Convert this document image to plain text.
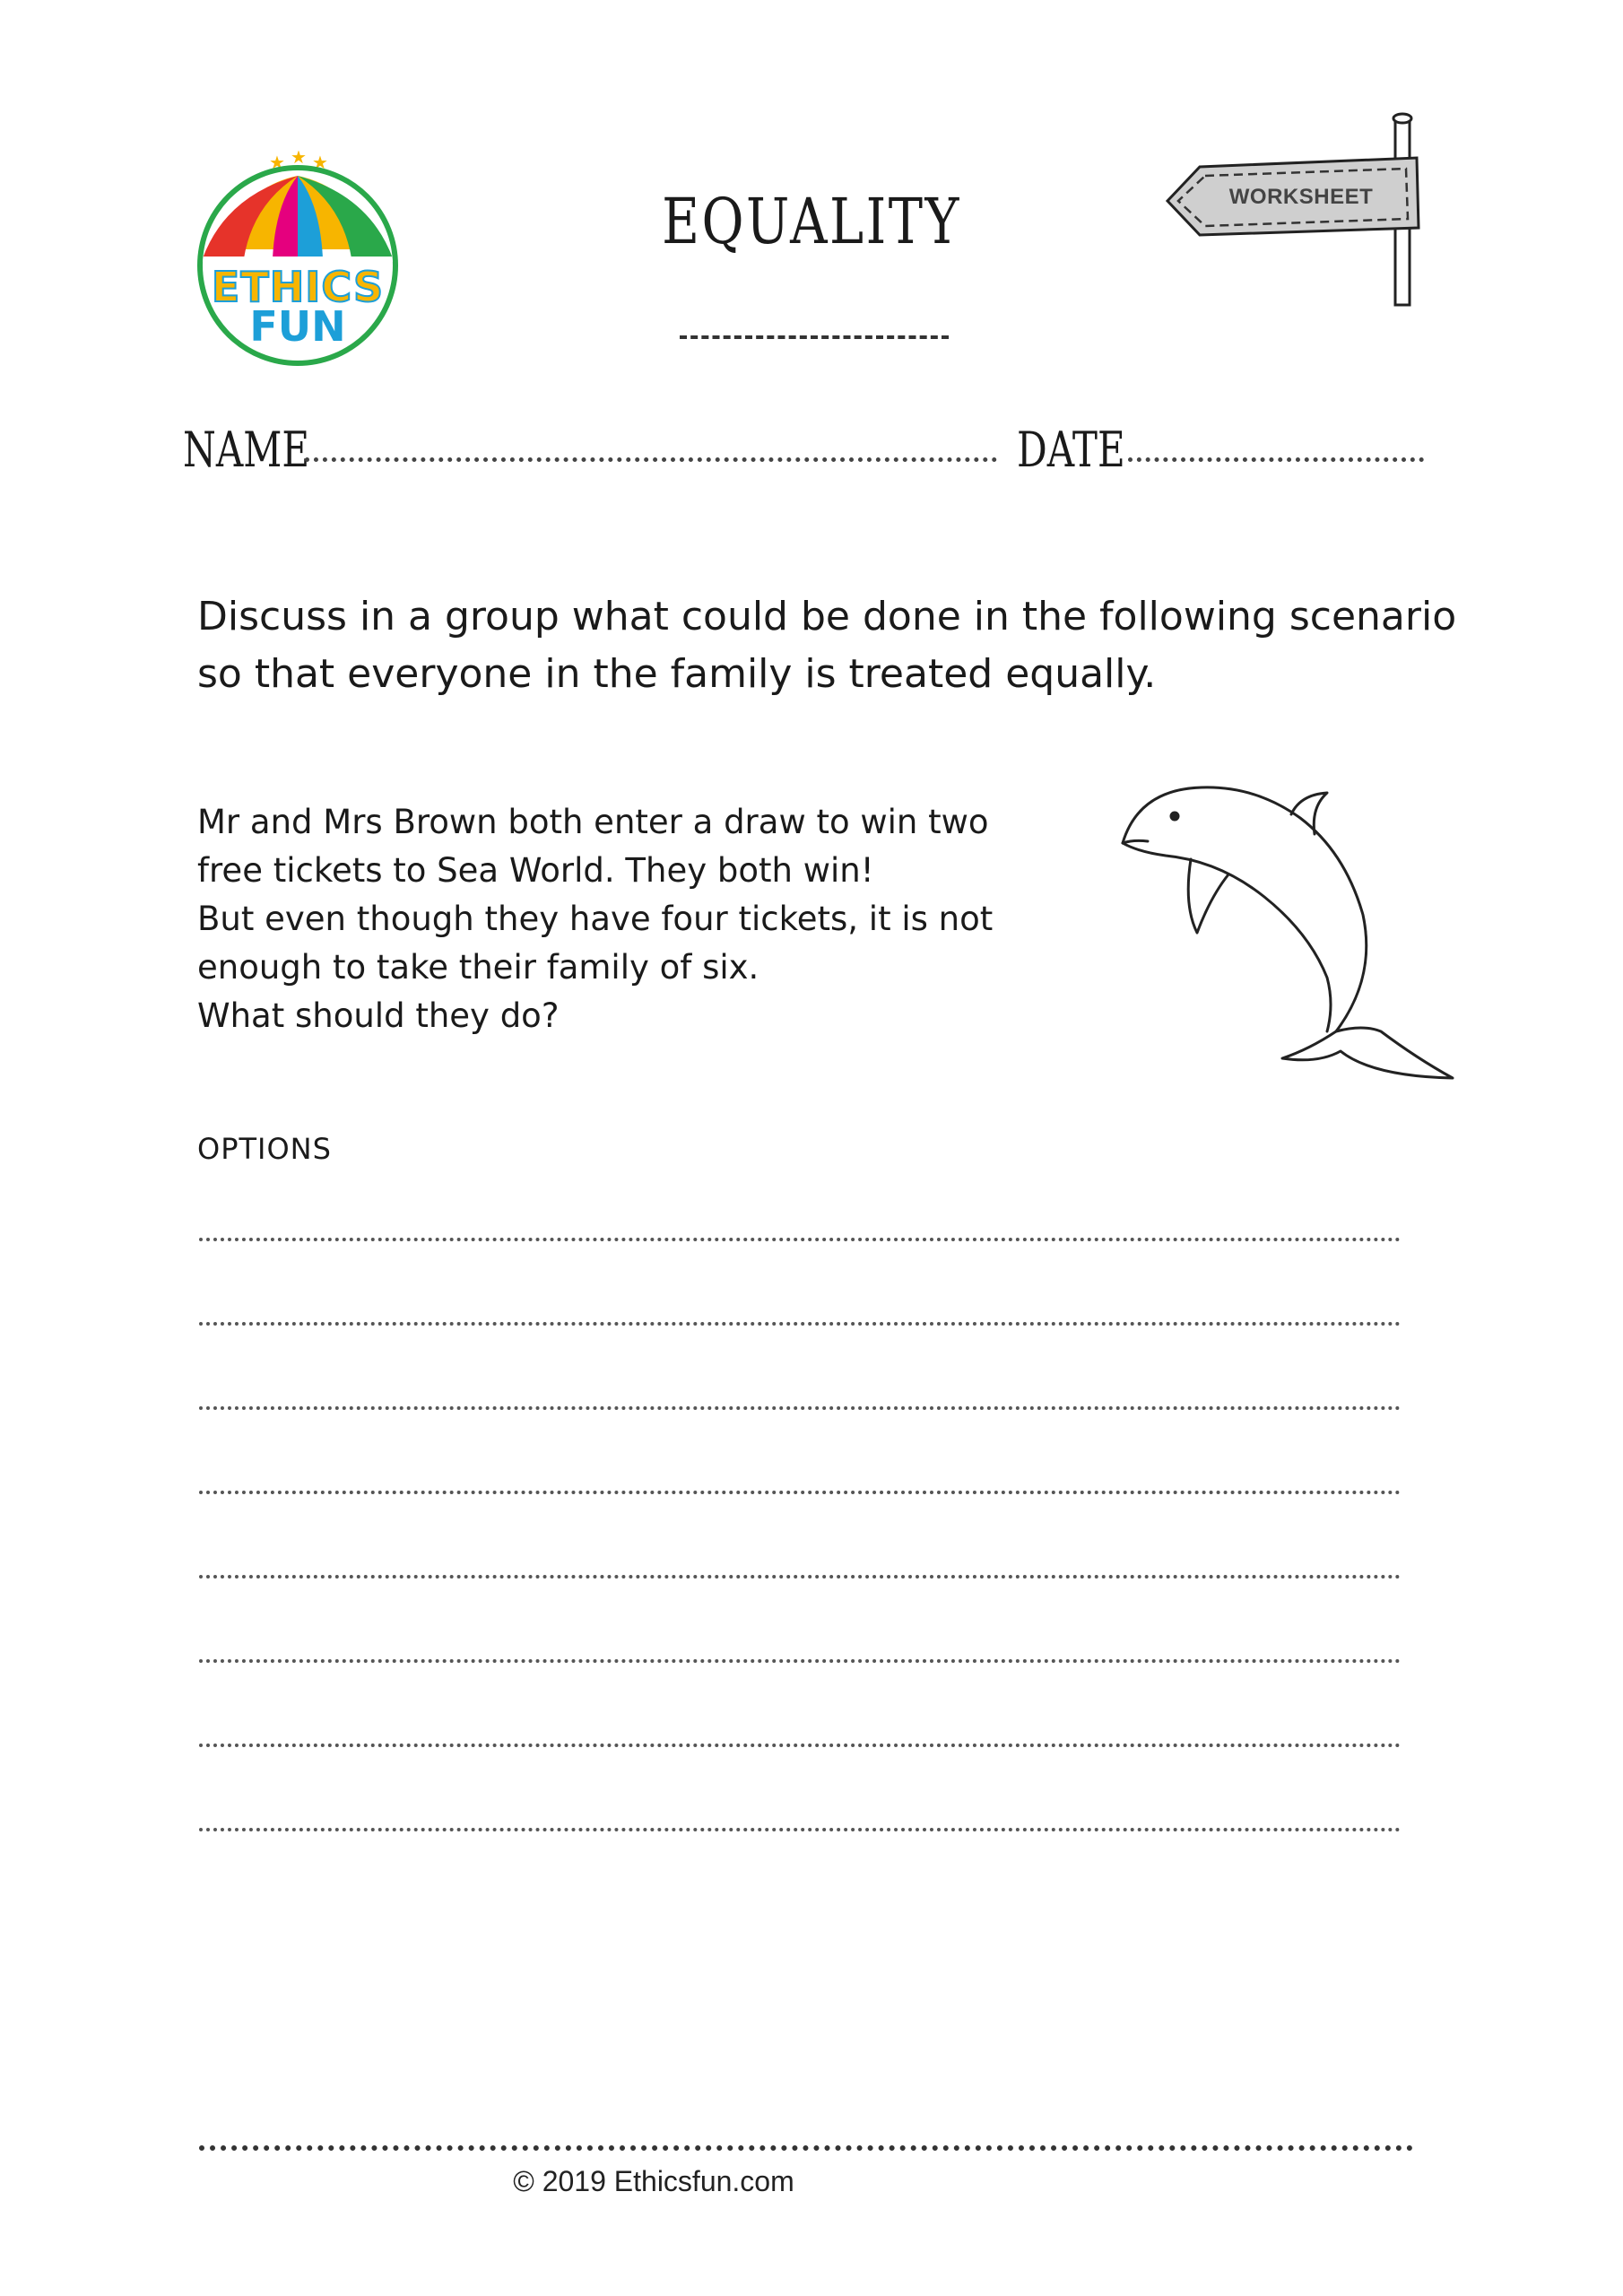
★ ★ ★
ETHICS
FUN
EQUALITY	WORKSHEET
NAME	DATE
Discuss in a group what could be done in the following scenario so that everyone in the family is treated equally.
Mr and Mrs Brown both enter a draw to win two
free tickets to Sea World. They both win!
But even though they have four tickets, it is not
enough to take their family of six.
What should they do?
OPTIONS
© 2019 Ethicsfun.com
